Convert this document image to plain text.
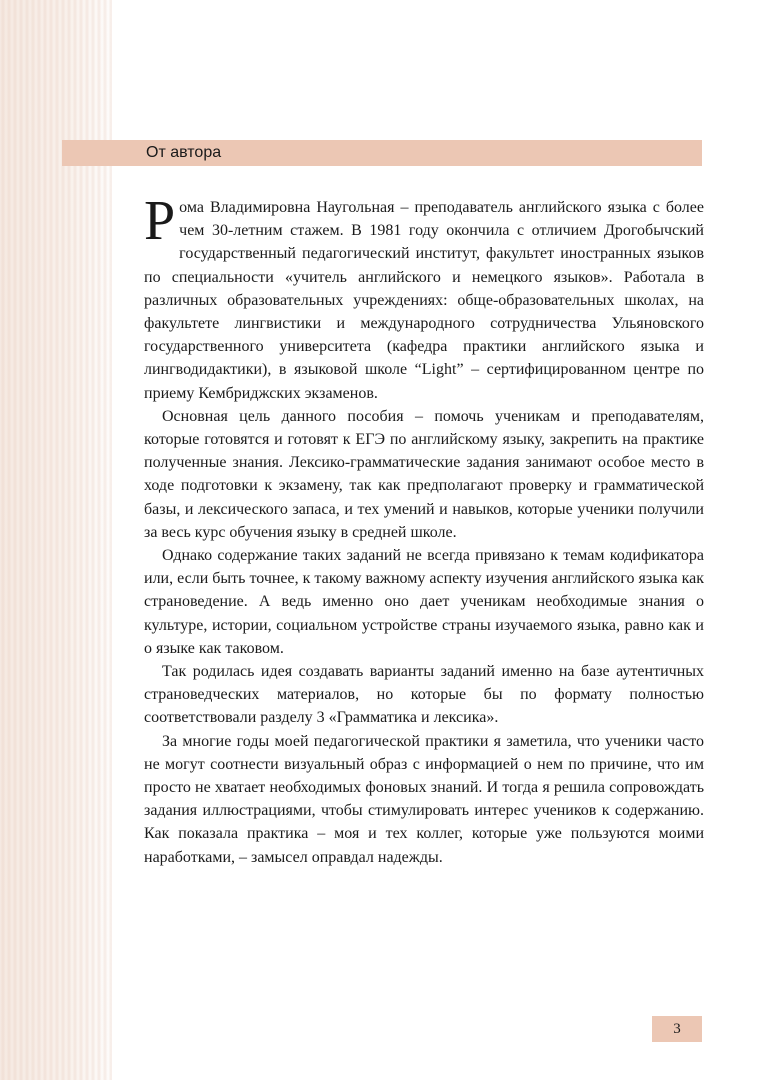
От автора

Рома Владимировна Наугольная – преподаватель английского языка с более чем 30-летним стажем. В 1981 году окончила с отличием Дрогобычский государственный педагогический институт, факультет иностранных языков по специальности «учитель английского и немецкого языков». Работала в различных образовательных учреждениях: обще-образовательных школах, на факультете лингвистики и международного сотрудничества Ульяновского государственного университета (кафедра практики английского языка и лингводидактики), в языковой школе “Light” – сертифицированном центре по приему Кембриджских экзаменов.

Основная цель данного пособия – помочь ученикам и преподавателям, которые готовятся и готовят к ЕГЭ по английскому языку, закрепить на практике полученные знания. Лексико-грамматические задания занимают особое место в ходе подготовки к экзамену, так как предполагают проверку и грамматической базы, и лексического запаса, и тех умений и навыков, которые ученики получили за весь курс обучения языку в средней школе.

Однако содержание таких заданий не всегда привязано к темам кодификатора или, если быть точнее, к такому важному аспекту изучения английского языка как страноведение. А ведь именно оно дает ученикам необходимые знания о культуре, истории, социальном устройстве страны изучаемого языка, равно как и о языке как таковом.

Так родилась идея создавать варианты заданий именно на базе аутентичных страноведческих материалов, но которые бы по формату полностью соответствовали разделу 3 «Грамматика и лексика».

За многие годы моей педагогической практики я заметила, что ученики часто не могут соотнести визуальный образ с информацией о нем по причине, что им просто не хватает необходимых фоновых знаний. И тогда я решила сопровождать задания иллюстрациями, чтобы стимулировать интерес учеников к содержанию. Как показала практика – моя и тех коллег, которые уже пользуются моими наработками, – замысел оправдал надежды.

3
